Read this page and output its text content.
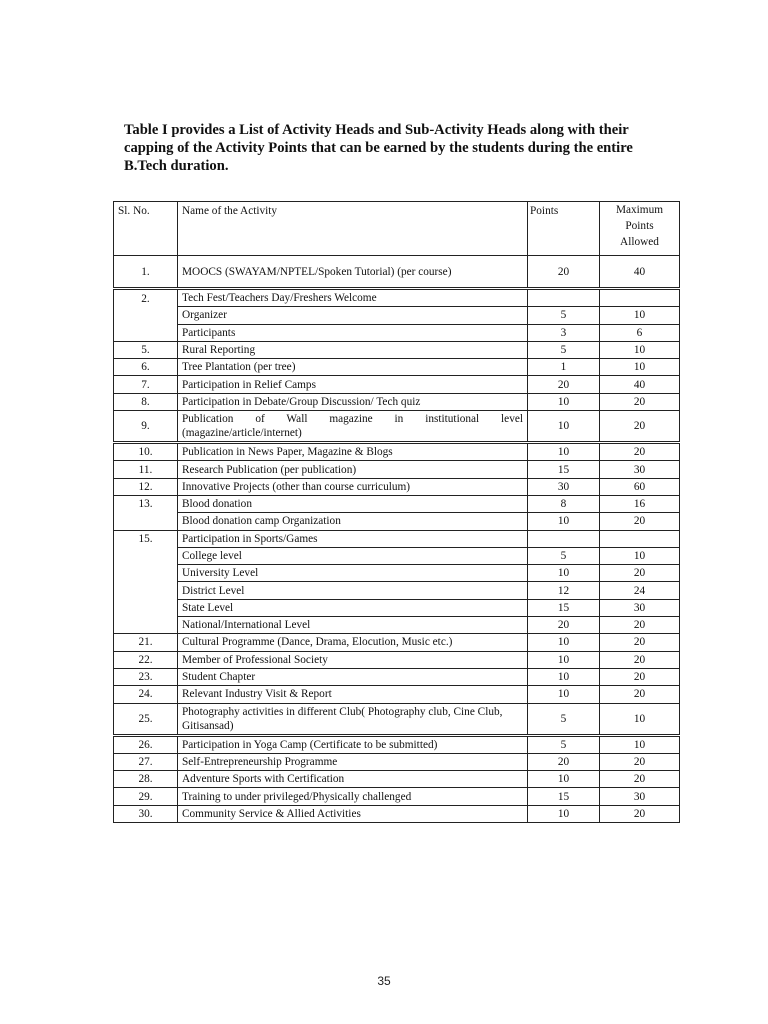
Table I provides a List of Activity Heads and Sub-Activity Heads along with their
capping of the Activity Points that can be earned by the students during the entire
B.Tech duration.

Sl. No.	Name of the Activity	Points	Maximum
Points
Allowed
1.	MOOCS (SWAYAM/NPTEL/Spoken Tutorial) (per course)	20	40
2.	Tech Fest/Teachers Day/Freshers Welcome		
	Organizer	5	10
	Participants	3	6
5.	Rural Reporting	5	10
6.	Tree Plantation (per tree)	1	10
7.	Participation in Relief Camps	20	40
8.	Participation in Debate/Group Discussion/ Tech quiz	10	20
9.	Publication of Wall magazine in institutional level (magazine/article/internet)	10	20
10.	Publication in News Paper, Magazine & Blogs	10	20
11.	Research Publication (per publication)	15	30
12.	Innovative Projects (other than course curriculum)	30	60
13.	Blood donation	8	16
	Blood donation camp Organization	10	20
15.	Participation in Sports/Games		
	College level	5	10
	University Level	10	20
	District Level	12	24
	State Level	15	30
	National/International Level	20	20
21.	Cultural Programme (Dance, Drama, Elocution, Music etc.)	10	20
22.	Member of Professional Society	10	20
23.	Student Chapter	10	20
24.	Relevant Industry Visit & Report	10	20
25.	Photography activities in different Club( Photography club, Cine Club, Gitisansad)	5	10
26.	Participation in Yoga Camp (Certificate to be submitted)	5	10
27.	Self-Entrepreneurship Programme	20	20
28.	Adventure Sports with Certification	10	20
29.	Training to under privileged/Physically challenged	15	30
30.	Community Service & Allied Activities	10	20
35
